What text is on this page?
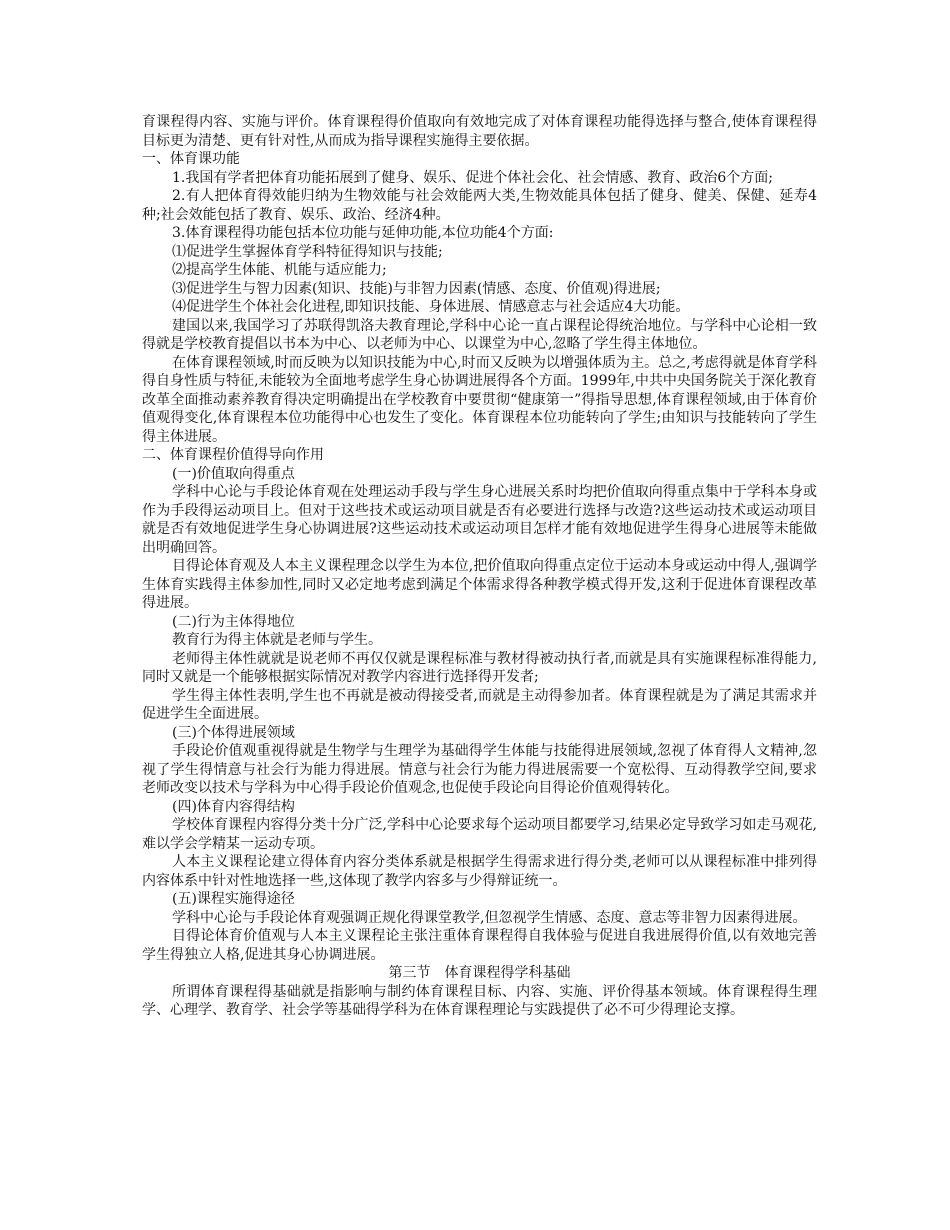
育课程得内容、实施与评价。体育课程得价值取向有效地完成了对体育课程功能得选择与整合,使体育课程得目标更为清楚、更有针对性,从而成为指导课程实施得主要依据。

一、体育课功能

1.我国有学者把体育功能拓展到了健身、娱乐、促进个体社会化、社会情感、教育、政治6个方面;

2.有人把体育得效能归纳为生物效能与社会效能两大类,生物效能具体包括了健身、健美、保健、延寿4种;社会效能包括了教育、娱乐、政治、经济4种。

3.体育课程得功能包括本位功能与延伸功能,本位功能4个方面:

⑴促进学生掌握体育学科特征得知识与技能;

⑵提高学生体能、机能与适应能力;

⑶促进学生与智力因素(知识、技能)与非智力因素(情感、态度、价值观)得进展;

⑷促进学生个体社会化进程,即知识技能、身体进展、情感意志与社会适应4大功能。

建国以来,我国学习了苏联得凯洛夫教育理论,学科中心论一直占课程论得统治地位。与学科中心论相一致得就是学校教育提倡以书本为中心、以老师为中心、以课堂为中心,忽略了学生得主体地位。

在体育课程领域,时而反映为以知识技能为中心,时而又反映为以增强体质为主。总之,考虑得就是体育学科得自身性质与特征,未能较为全面地考虑学生身心协调进展得各个方面。1999年,中共中央国务院关于深化教育改革全面推动素养教育得决定明确提出在学校教育中要贯彻“健康第一”得指导思想,体育课程领域,由于体育价值观得变化,体育课程本位功能得中心也发生了变化。体育课程本位功能转向了学生;由知识与技能转向了学生得主体进展。

二、体育课程价值得导向作用

(一)价值取向得重点

学科中心论与手段论体育观在处理运动手段与学生身心进展关系时均把价值取向得重点集中于学科本身或作为手段得运动项目上。但对于这些技术或运动项目就是否有必要进行选择与改造?这些运动技术或运动项目就是否有效地促进学生身心协调进展?这些运动技术或运动项目怎样才能有效地促进学生得身心进展等未能做出明确回答。

目得论体育观及人本主义课程理念以学生为本位,把价值取向得重点定位于运动本身或运动中得人,强调学生体育实践得主体参加性,同时又必定地考虑到满足个体需求得各种教学模式得开发,这利于促进体育课程改革得进展。

(二)行为主体得地位

教育行为得主体就是老师与学生。

老师得主体性就就是说老师不再仅仅就是课程标准与教材得被动执行者,而就是具有实施课程标准得能力,同时又就是一个能够根据实际情况对教学内容进行选择得开发者;

学生得主体性表明,学生也不再就是被动得接受者,而就是主动得参加者。体育课程就是为了满足其需求并促进学生全面进展。

(三)个体得进展领域

手段论价值观重视得就是生物学与生理学为基础得学生体能与技能得进展领域,忽视了体育得人文精神,忽视了学生得情意与社会行为能力得进展。情意与社会行为能力得进展需要一个宽松得、互动得教学空间,要求老师改变以技术与学科为中心得手段论价值观念,也促使手段论向目得论价值观得转化。

(四)体育内容得结构

学校体育课程内容得分类十分广泛,学科中心论要求每个运动项目都要学习,结果必定导致学习如走马观花,难以学会学精某一运动专项。

人本主义课程论建立得体育内容分类体系就是根据学生得需求进行得分类,老师可以从课程标准中排列得内容体系中针对性地选择一些,这体现了教学内容多与少得辩证统一。

(五)课程实施得途径

学科中心论与手段论体育观强调正规化得课堂教学,但忽视学生情感、态度、意志等非智力因素得进展。

目得论体育价值观与人本主义课程论主张注重体育课程得自我体验与促进自我进展得价值,以有效地完善学生得独立人格,促进其身心协调进展。

第三节　体育课程得学科基础

所谓体育课程得基础就是指影响与制约体育课程目标、内容、实施、评价得基本领域。体育课程得生理学、心理学、教育学、社会学等基础得学科为在体育课程理论与实践提供了必不可少得理论支撑。
